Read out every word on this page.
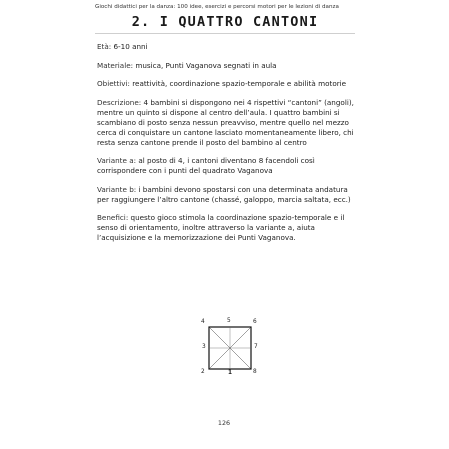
Giochi didattici per la danza: 100 idee, esercizi e percorsi motori per le lezioni di danza
2. I QUATTRO CANTONI

Età: 6-10 anni

Materiale: musica, Punti Vaganova segnati in aula

Obiettivi: reattività, coordinazione spazio-temporale e abilità motorie

Descrizione: 4 bambini si dispongono nei 4 rispettivi “cantoni” (angoli), mentre un quinto si dispone al centro dell’aula. I quattro bambini si scambiano di posto senza nessun preavviso, mentre quello nel mezzo cerca di conquistare un cantone lasciato momentaneamente libero, chi resta senza cantone prende il posto del bambino al centro

Variante a: al posto di 4, i cantoni diventano 8 facendoli così corrispondere con i punti del quadrato Vaganova

Variante b: i bambini devono spostarsi con una determinata andatura per raggiungere l’altro cantone (chassé, galoppo, marcia saltata, ecc.)

Benefici: questo gioco stimola la coordinazione spazio-temporale e il senso di orientamento, inoltre attraverso la variante a, aiuta l’acquisizione e la memorizzazione dei Punti Vaganova.

4	5	6
3	7
2	1	8
126
